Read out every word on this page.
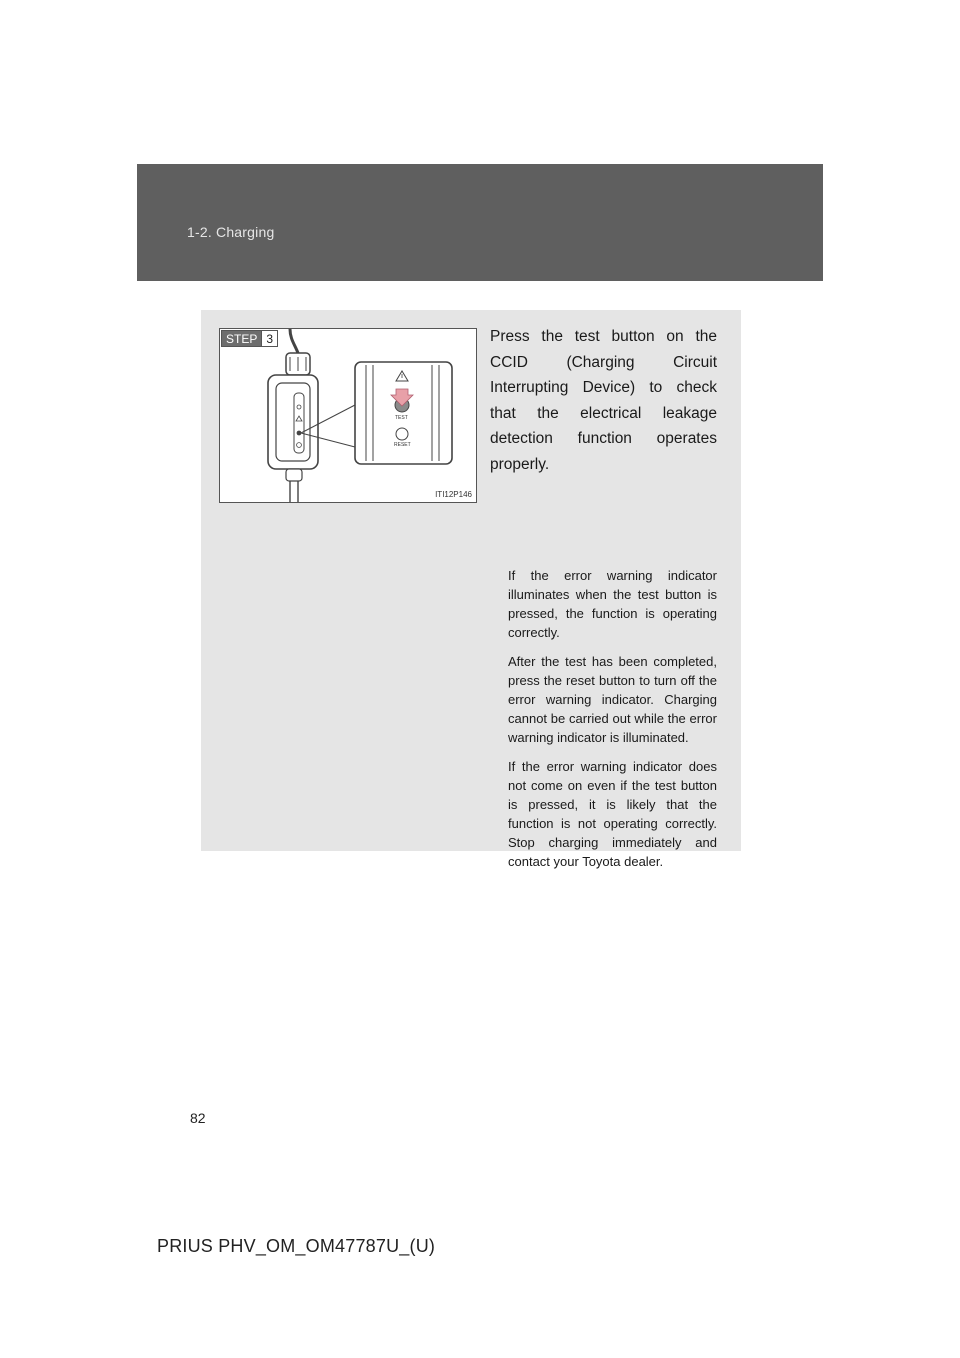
1-2. Charging
TEST
RESET
STEP 3
ITI12P146

Press the test button on the CCID (Charging Circuit Interrupting Device) to check that the electrical leakage detection function operates properly.

If the error warning indicator illuminates when the test button is pressed, the function is operating correctly.

After the test has been completed, press the reset button to turn off the error warning indicator. Charging cannot be carried out while the error warning indicator is illuminated.

If the error warning indicator does not come on even if the test button is pressed, it is likely that the function is not operating correctly. Stop charging immediately and contact your Toyota dealer.

82
PRIUS PHV_OM_OM47787U_(U)
